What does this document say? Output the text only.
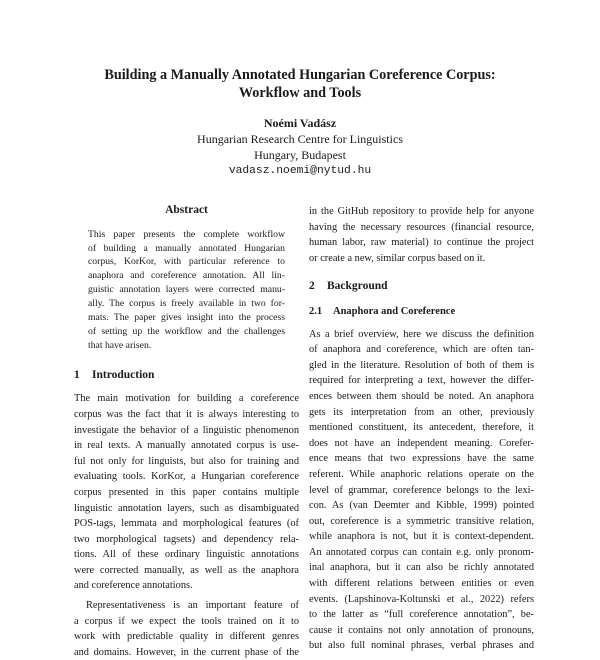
Building a Manually Annotated Hungarian Coreference Corpus:
Workflow and Tools
Noémi Vadász
Hungarian Research Centre for Linguistics
Hungary, Budapest
vadasz.noemi@nytud.hu
Abstract
This paper presents the complete workflow
of building a manually annotated Hungarian
corpus, KorKor, with particular reference to
anaphora and coreference annotation. All lin-
guistic annotation layers were corrected manu-
ally. The corpus is freely available in two for-
mats. The paper gives insight into the process
of setting up the workflow and the challenges
that have arisen.
1 Introduction
The main motivation for building a coreference
corpus was the fact that it is always interesting to
investigate the behavior of a linguistic phenomenon
in real texts. A manually annotated corpus is use-
ful not only for linguists, but also for training and
evaluating tools. KorKor, a Hungarian coreference
corpus presented in this paper contains multiple
linguistic annotation layers, such as disambiguated
POS-tags, lemmata and morphological features (of
two morphological tagsets) and dependency rela-
tions. All of these ordinary linguistic annotations
were corrected manually, as well as the anaphora
and coreference annotations.
Representativeness is an important feature of
a corpus if we expect the tools trained on it to
work with predictable quality in different genres
and domains. However, in the current phase of the
in the GitHub repository to provide help for anyone
having the necessary resources (financial resource,
human labor, raw material) to continue the project
or create a new, similar corpus based on it.
2 Background
2.1 Anaphora and Coreference
As a brief overview, here we discuss the definition
of anaphora and coreference, which are often tan-
gled in the literature. Resolution of both of them is
required for interpreting a text, however the differ-
ences between them should be noted. An anaphora
gets its interpretation from an other, previously
mentioned constituent, its antecedent, therefore, it
does not have an independent meaning. Corefer-
ence means that two expressions have the same
referent. While anaphoric relations operate on the
level of grammar, coreference belongs to the lexi-
con. As (van Deemter and Kibble, 1999) pointed
out, coreference is a symmetric transitive relation,
while anaphora is not, but it is context-dependent.
An annotated corpus can contain e.g. only pronom-
inal anaphora, but it can also be richly annotated
with different relations between entities or even
events. (Lapshinova-Koltunski et al., 2022) refers
to the latter as “full coreference annotation”, be-
cause it contains not only annotation of pronouns,
but also full nominal phrases, verbal phrases and
